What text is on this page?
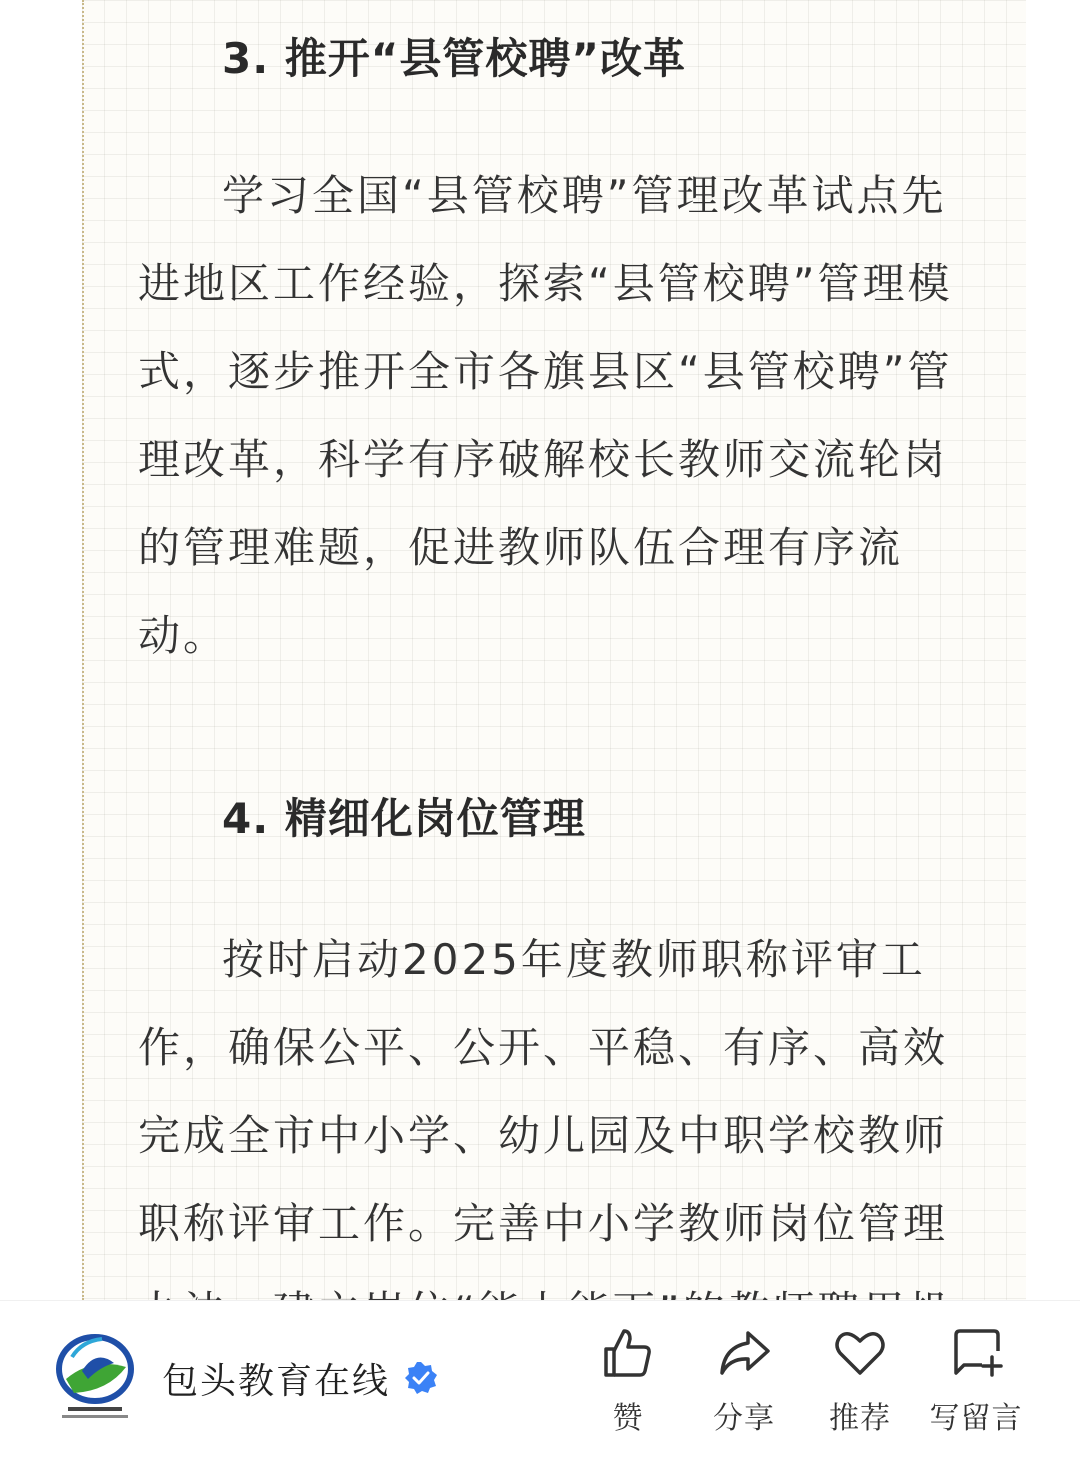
3. 推开“县管校聘”改革
学习全国“县管校聘”管理改革试点先进地区工作经验，探索“县管校聘”管理模式，逐步推开全市各旗县区“县管校聘”管理改革，科学有序破解校长教师交流轮岗的管理难题，促进教师队伍合理有序流动。
4. 精细化岗位管理
按时启动2025年度教师职称评审工作，确保公平、公开、平稳、有序、高效完成全市中小学、幼儿园及中职学校教师职称评审工作。完善中小学教师岗位管理
包头教育在线
赞	分享	推荐	写留言
